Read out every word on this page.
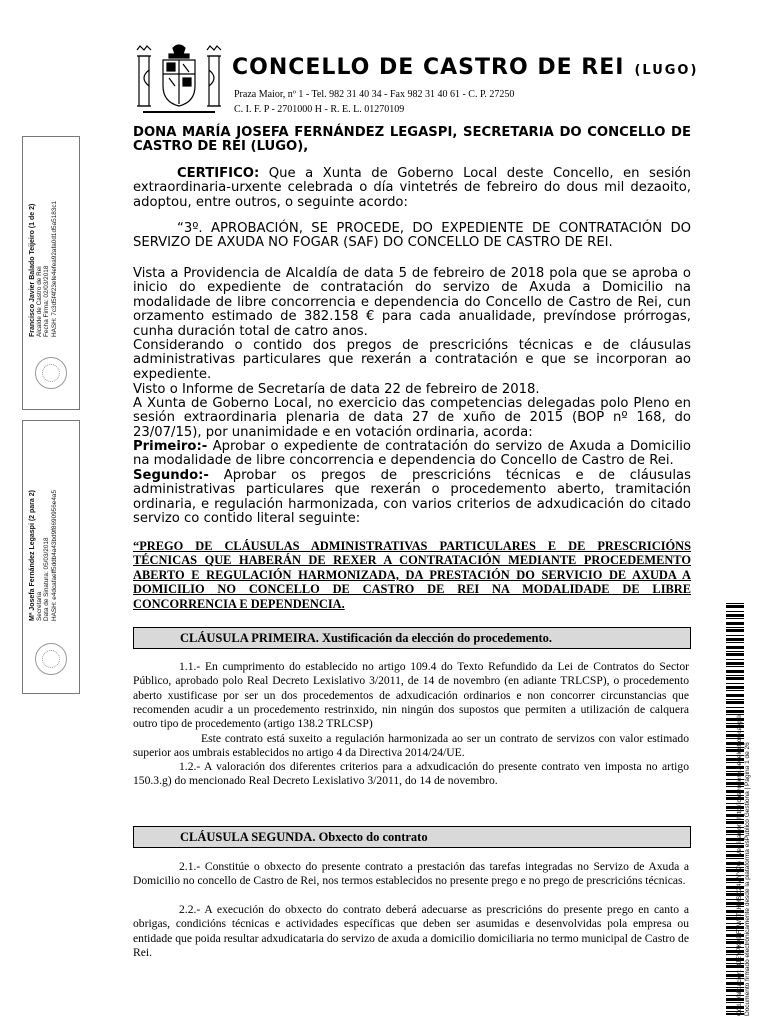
CONCELLO DE CASTRO DE REI (LUGO)
Praza Maior, nº 1 - Tel. 982 31 40 34 - Fax 982 31 40 61 - C. P. 27250
C. I. F. P - 2701000 H - R. E. L. 01270109
DONA MARÍA JOSEFA FERNÁNDEZ LEGASPI, SECRETARIA DO CONCELLO DE CASTRO DE REI (LUGO),
CERTIFICO: Que a Xunta de Goberno Local deste Concello, en sesión extraordinaria-urxente celebrada o día vintetrés de febreiro do dous mil dezaoito, adoptou, entre outros, o seguinte acordo:
“3º. APROBACIÓN, SE PROCEDE, DO EXPEDIENTE DE CONTRATACIÓN DO SERVIZO DE AXUDA NO FOGAR (SAF) DO CONCELLO DE CASTRO DE REI.
Vista a Providencia de Alcaldía de data 5 de febreiro de 2018 pola que se aproba o inicio do expediente de contratación do servizo de Axuda a Domicilio na modalidade de libre concorrencia e dependencia do Concello de Castro de Rei, cun orzamento estimado de 382.158 € para cada anualidade, prevíndose prórrogas, cunha duración total de catro anos.
Considerando o contido dos pregos de prescricións técnicas e de cláusulas administrativas particulares que rexerán a contratación e que se incorporan ao expediente.
Visto o Informe de Secretaría de data 22 de febreiro de 2018.
A Xunta de Goberno Local, no exercicio das competencias delegadas polo Pleno en sesión extraordinaria plenaria de data 27 de xuño de 2015 (BOP nº 168, do 23/07/15), por unanimidade e en votación ordinaria, acorda:
Primeiro:- Aprobar o expediente de contratación do servizo de Axuda a Domicilio na modalidade de libre concorrencia e dependencia do Concello de Castro de Rei.
Segundo:- Aprobar os pregos de prescricións técnicas e de cláusulas administrativas particulares que rexerán o procedemento aberto, tramitación ordinaria, e regulación harmonizada, con varios criterios de adxudicación do citado servizo co contido literal seguinte:
“PREGO DE CLÁUSULAS ADMINISTRATIVAS PARTICULARES E DE PRESCRICIÓNS TÉCNICAS QUE HABERÁN DE REXER A CONTRATACIÓN MEDIANTE PROCEDEMENTO ABERTO E REGULACIÓN HARMONIZADA, DA PRESTACIÓN DO SERVICIO DE AXUDA A DOMICILIO NO CONCELLO DE CASTRO DE REI NA MODALIDADE DE LIBRE CONCORRENCIA E DEPENDENCIA.
CLÁUSULA PRIMEIRA. Xustificación da elección do procedemento.
1.1.- En cumprimento do establecido no artigo 109.4 do Texto Refundido da Lei de Contratos do Sector Público, aprobado polo Real Decreto Lexislativo 3/2011, de 14 de novembro (en adiante TRLCSP), o procedemento aberto xustificase por ser un dos procedementos de adxudicación ordinarios e non concorrer circunstancias que recomenden acudir a un procedemento restrinxido, nin ningún dos supostos que permiten a utilización de calquera outro tipo de procedemento (artigo 138.2 TRLCSP)
Este contrato está suxeito a regulación harmonizada ao ser un contrato de servizos con valor estimado superior aos umbrais establecidos no artigo 4 da Directiva 2014/24/UE.
1.2.- A valoración dos diferentes criterios para a adxudicación do presente contrato ven imposta no artigo 150.3.g) do mencionado Real Decreto Lexislativo 3/2011, do 14 de novembro.
CLÁUSULA SEGUNDA. Obxecto do contrato
2.1.- Constitúe o obxecto do presente contrato a prestación das tarefas integradas no Servizo de Axuda a Domicilio no concello de Castro de Rei, nos termos establecidos no presente prego e no prego de prescricións técnicas.
2.2.- A execución do obxecto do contrato deberá adecuarse as prescricións do presente prego en canto a obrigas, condicións técnicas e actividades específicas que deben ser asumidas e desenvolvidas pola empresa ou entidade que poida resultar adxudicataria do servizo de axuda a domicilio domiciliaria no termo municipal de Castro de Rei.
Francisco Javier Balado Teijeiro (1 de 2)
Alcalde de Castro de Rei
Fecha Firma: 02/03/2018
HASH: 7c3d5f4f23efe4efea92afa0d1d5a5183c1
Mª Josefa Fernández Legaspi (2 para 2)
Secretaria
Data de Sinatura: 05/03/2018
HASH: e4dcafaeff5ddb4a43bd9f8690956e4a5
Cód. Validación: 3JEYPKXDFTWLTLHHSD24 AYY7G | Verificación: http://castroderei.sedelectronica.gal/
Documento firmado electrónicamente desde la plataforma esPublico Gestiona | Página 1 de 26
